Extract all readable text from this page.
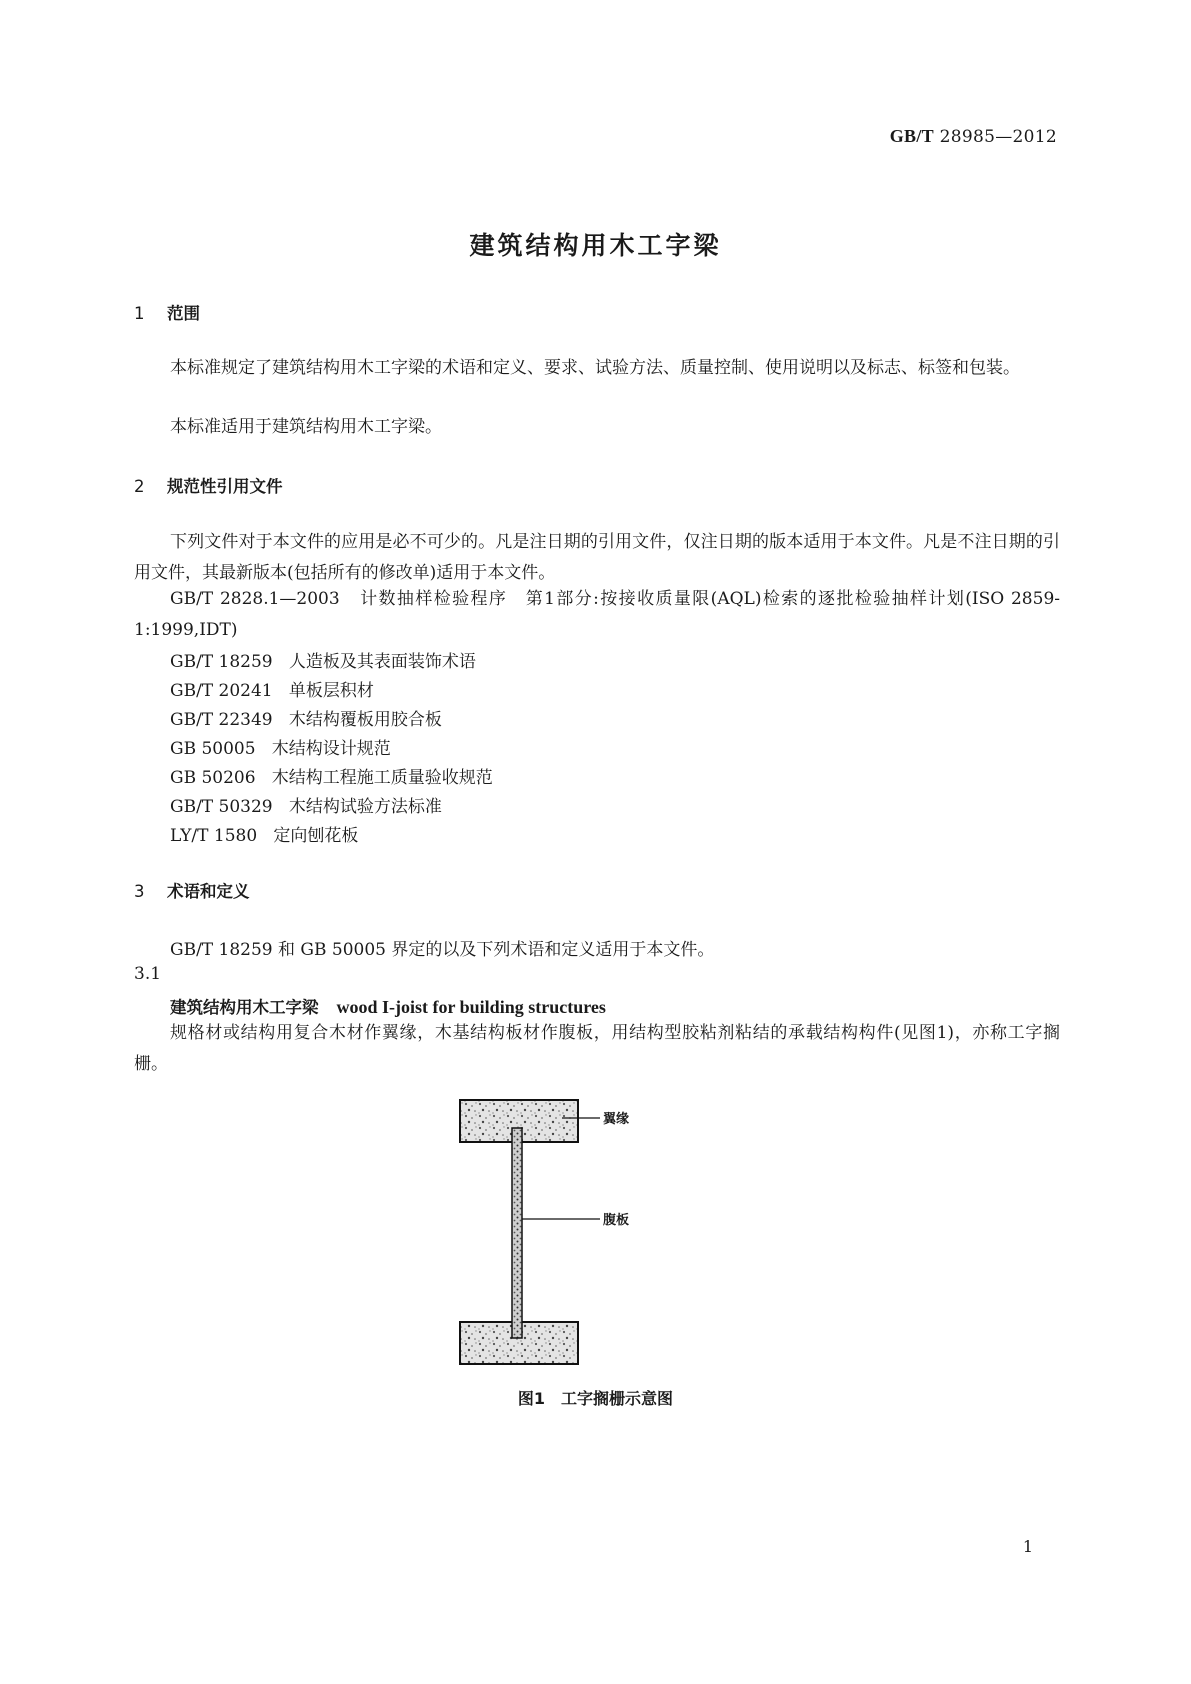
GB/T 28985—2012
建筑结构用木工字梁
1 范围
本标准规定了建筑结构用木工字梁的术语和定义、要求、试验方法、质量控制、使用说明以及标志、标签和包装。
本标准适用于建筑结构用木工字梁。
2 规范性引用文件
下列文件对于本文件的应用是必不可少的。凡是注日期的引用文件，仅注日期的版本适用于本文件。凡是不注日期的引用文件，其最新版本(包括所有的修改单)适用于本文件。
GB/T 2828.1—2003 计数抽样检验程序　第1部分:按接收质量限(AQL)检索的逐批检验抽样计划(ISO 2859-1:1999,IDT)
GB/T 18259 人造板及其表面装饰术语
GB/T 20241 单板层积材
GB/T 22349 木结构覆板用胶合板
GB 50005 木结构设计规范
GB 50206 木结构工程施工质量验收规范
GB/T 50329 木结构试验方法标准
LY/T 1580 定向刨花板
3 术语和定义
GB/T 18259 和 GB 50005 界定的以及下列术语和定义适用于本文件。
3.1
建筑结构用木工字梁 wood I-joist for building structures
规格材或结构用复合木材作翼缘，木基结构板材作腹板，用结构型胶粘剂粘结的承载结构构件(见图1)，亦称工字搁栅。
翼缘
腹板
图1　工字搁栅示意图
1
